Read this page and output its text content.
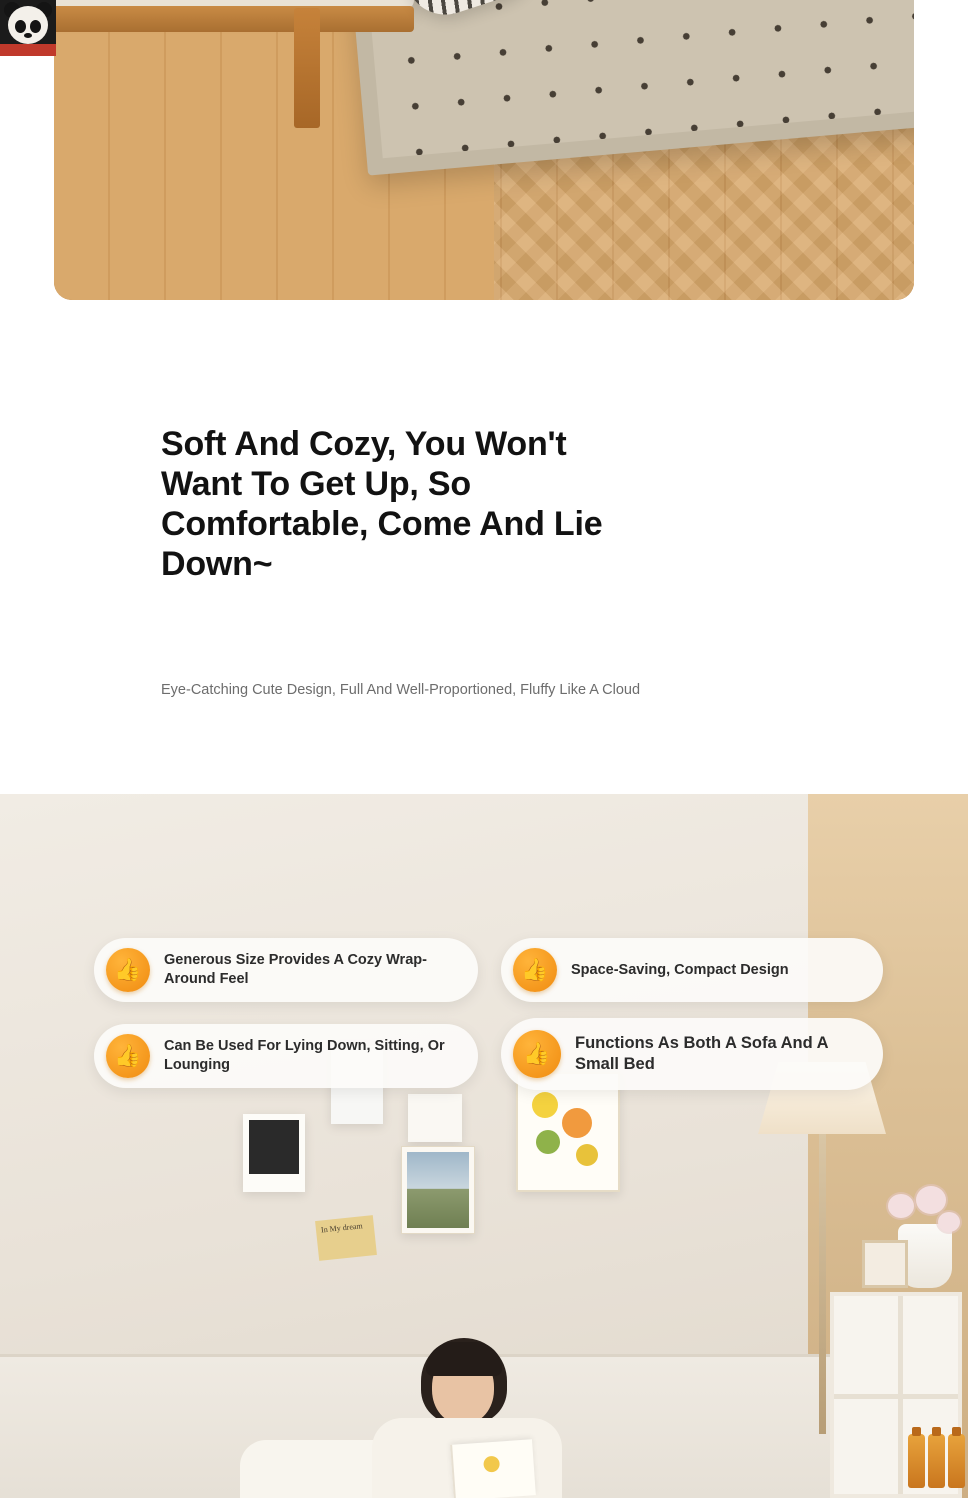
Soft And Cozy, You Won't Want To Get Up, So Comfortable, Come And Lie Down~
Eye-Catching Cute Design, Full And Well-Proportioned, Fluffy Like A Cloud
In My dream
👍	Generous Size Provides A Cozy Wrap-Around Feel	👍	Space-Saving, Compact Design
👍	Can Be Used For Lying Down, Sitting, Or Lounging	👍	Functions As Both A Sofa And A Small Bed
